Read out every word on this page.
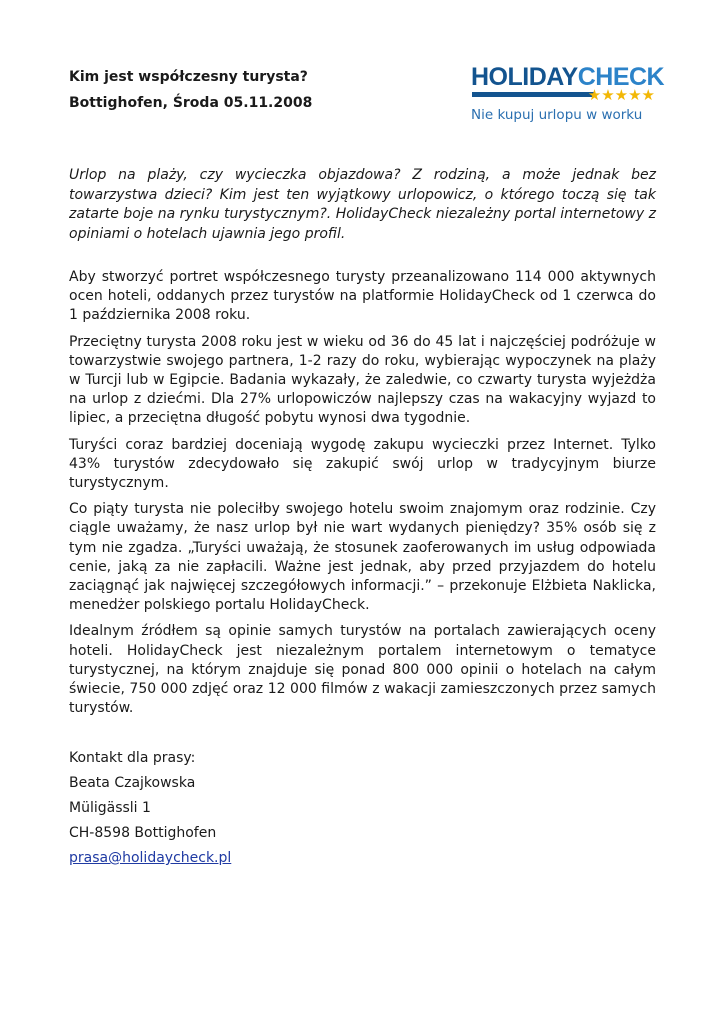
Kim jest współczesny turysta?
Bottighofen, Środa 05.11.2008
HOLIDAYCHECK
★★★★★
Nie kupuj urlopu w worku

Urlop na plaży, czy wycieczka objazdowa? Z rodziną, a może jednak bez towarzystwa dzieci? Kim jest ten wyjątkowy urlopowicz, o którego toczą się tak zatarte boje na rynku turystycznym?. HolidayCheck niezależny portal internetowy z opiniami o hotelach ujawnia jego profil.

Aby stworzyć portret współczesnego turysty przeanalizowano 114 000 aktywnych ocen hoteli, oddanych przez turystów na platformie HolidayCheck od 1 czerwca do 1 października 2008 roku.

Przeciętny turysta 2008 roku jest w wieku od 36 do 45 lat i najczęściej podróżuje w towarzystwie swojego partnera, 1-2 razy do roku, wybierając wypoczynek na plaży w Turcji lub w Egipcie. Badania wykazały, że zaledwie, co czwarty turysta wyjeżdża na urlop z dziećmi. Dla 27% urlopowiczów najlepszy czas na wakacyjny wyjazd to lipiec, a przeciętna długość pobytu wynosi dwa tygodnie.

Turyści coraz bardziej doceniają wygodę zakupu wycieczki przez Internet. Tylko 43% turystów zdecydowało się zakupić swój urlop w tradycyjnym biurze turystycznym.

Co piąty turysta nie poleciłby swojego hotelu swoim znajomym oraz rodzinie. Czy ciągle uważamy, że nasz urlop był nie wart wydanych pieniędzy? 35% osób się z tym nie zgadza. „Turyści uważają, że stosunek zaoferowanych im usług odpowiada cenie, jaką za nie zapłacili. Ważne jest jednak, aby przed przyjazdem do hotelu zaciągnąć jak najwięcej szczegółowych informacji.” – przekonuje Elżbieta Naklicka, menedżer polskiego portalu HolidayCheck.

Idealnym źródłem są opinie samych turystów na portalach zawierających oceny hoteli. HolidayCheck jest niezależnym portalem internetowym o tematyce turystycznej, na którym znajduje się ponad 800 000 opinii o hotelach na całym świecie, 750 000 zdjęć oraz 12 000 filmów z wakacji zamieszczonych przez samych turystów.

Kontakt dla prasy:
Beata Czajkowska
Müligässli 1
CH-8598 Bottighofen
prasa@holidaycheck.pl
